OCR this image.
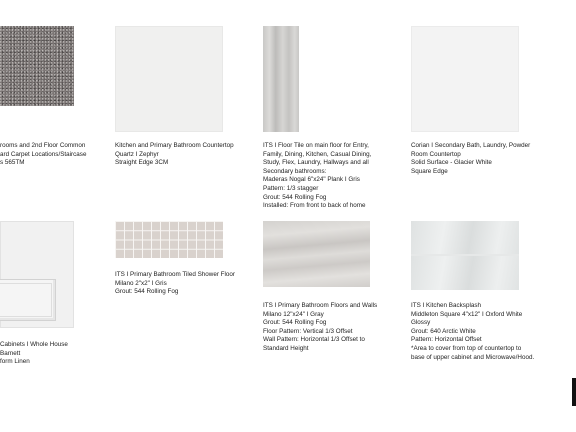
rooms and 2nd Floor Common
ard Carpet Locations/Staircase
s 565TM
Kitchen and Primary Bathroom Countertop
Quartz I Zephyr
Straight Edge 3CM
ITS I Floor Tile on main floor for Entry,
Family, Dining, Kitchen, Casual Dining,
Study, Flex, Laundry, Hallways and all
Secondary bathrooms:
Maderas Nogal 6"x24" Plank I Gris
Pattern: 1/3 stagger
Grout: 544 Rolling Fog
Installed: From front to back of home
Corian I Secondary Bath, Laundry, Powder
Room Countertop
Solid Surface - Glacier White
Square Edge
Cabinets I Whole House
Barnett
form Linen
ITS I Primary Bathroom Tiled Shower Floor
Milano 2"x2" I Gris
Grout: 544 Rolling Fog
ITS I Primary Bathroom Floors and Walls
Milano 12"x24" I Gray
Grout: 544 Rolling Fog
Floor Pattern: Vertical 1/3 Offset
Wall Pattern: Horizontal 1/3 Offset to
Standard Height
ITS I Kitchen Backsplash
Middleton Square 4"x12" I Oxford White
Glossy
Grout: 640 Arctic White
Pattern: Horizontal Offset
*Area to cover from top of countertop to
base of upper cabinet and Microwave/Hood.
